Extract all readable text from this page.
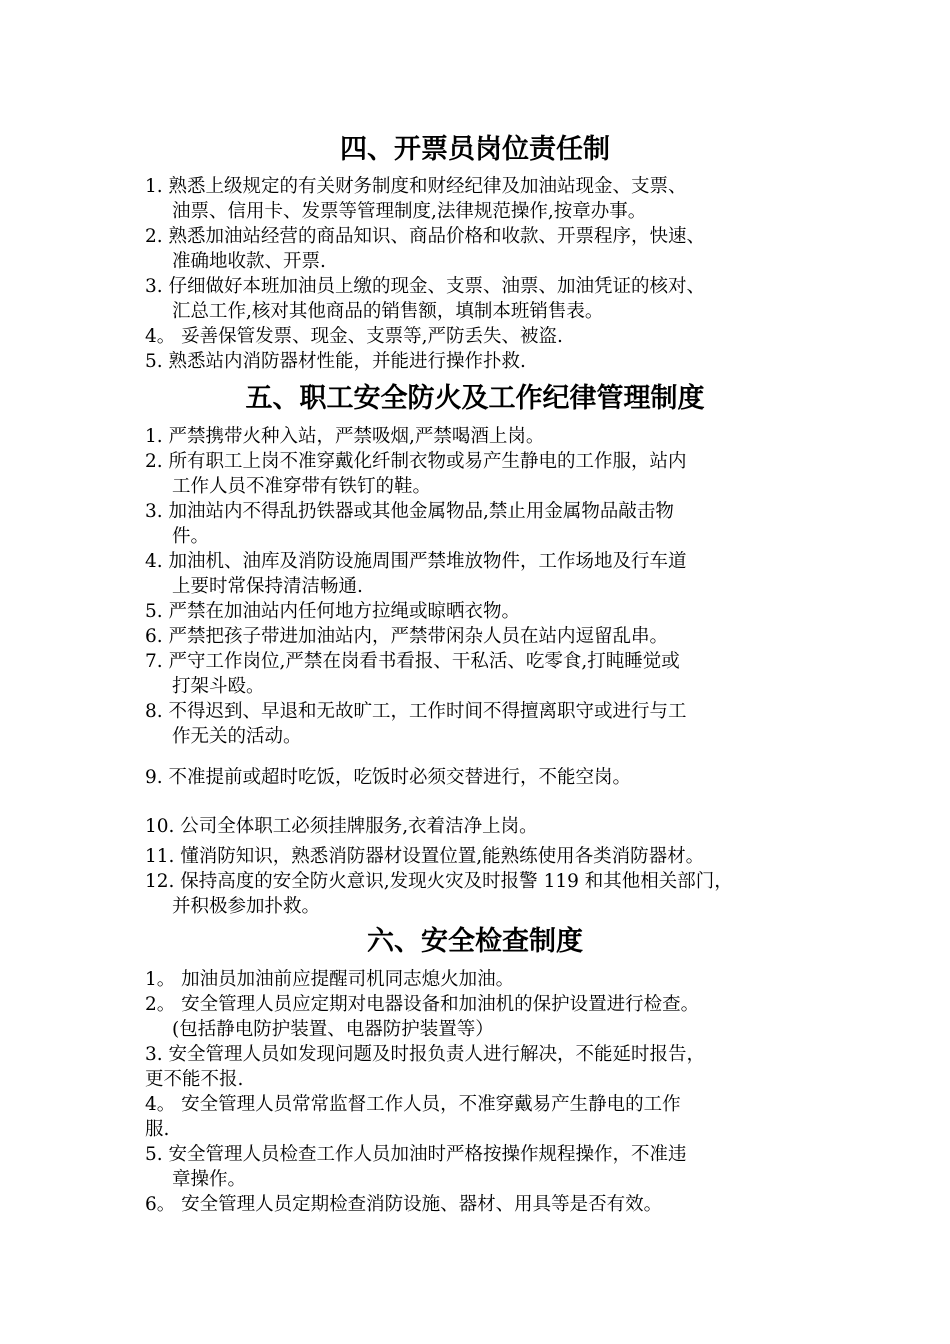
四、开票员岗位责任制

1. 熟悉上级规定的有关财务制度和财经纪律及加油站现金、支票、

油票、信用卡、发票等管理制度,法律规范操作,按章办事。

2. 熟悉加油站经营的商品知识、商品价格和收款、开票程序，快速、

准确地收款、开票.

3. 仔细做好本班加油员上缴的现金、支票、油票、加油凭证的核对、

汇总工作,核对其他商品的销售额，填制本班销售表。

4。 妥善保管发票、现金、支票等,严防丢失、被盗.

5. 熟悉站内消防器材性能，并能进行操作扑救.

五、职工安全防火及工作纪律管理制度

1. 严禁携带火种入站，严禁吸烟,严禁喝酒上岗。

2. 所有职工上岗不准穿戴化纤制衣物或易产生静电的工作服，站内

工作人员不准穿带有铁钉的鞋。

3. 加油站内不得乱扔铁器或其他金属物品,禁止用金属物品敲击物

件。

4. 加油机、油库及消防设施周围严禁堆放物件，工作场地及行车道

上要时常保持清洁畅通.

5. 严禁在加油站内任何地方拉绳或晾晒衣物。

6. 严禁把孩子带进加油站内，严禁带闲杂人员在站内逗留乱串。

7. 严守工作岗位,严禁在岗看书看报、干私活、吃零食,打盹睡觉或

打架斗殴。

8. 不得迟到、早退和无故旷工，工作时间不得擅离职守或进行与工

作无关的活动。

9. 不准提前或超时吃饭，吃饭时必须交替进行，不能空岗。

10. 公司全体职工必须挂牌服务,衣着洁净上岗。

11. 懂消防知识，熟悉消防器材设置位置,能熟练使用各类消防器材。

12. 保持高度的安全防火意识,发现火灾及时报警 119 和其他相关部门，

并积极参加扑救。

六、安全检查制度

1。 加油员加油前应提醒司机同志熄火加油。

2。 安全管理人员应定期对电器设备和加油机的保护设置进行检查。

(包括静电防护装置、电器防护装置等）

3. 安全管理人员如发现问题及时报负责人进行解决，不能延时报告，

更不能不报.

4。 安全管理人员常常监督工作人员，不准穿戴易产生静电的工作

服.

5. 安全管理人员检查工作人员加油时严格按操作规程操作，不准违

章操作。

6。 安全管理人员定期检查消防设施、器材、用具等是否有效。
